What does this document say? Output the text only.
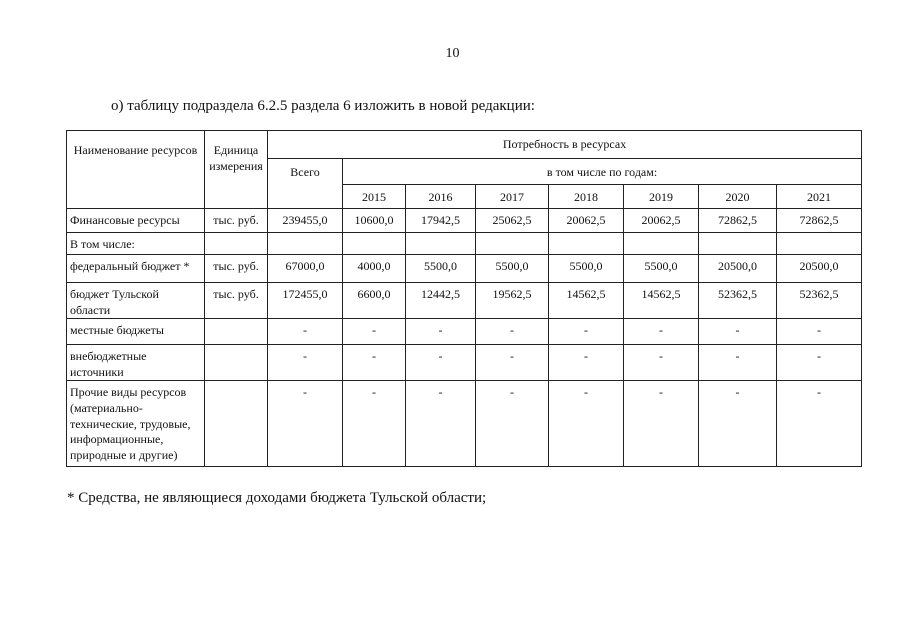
10
о) таблицу подраздела 6.2.5 раздела 6 изложить в новой редакции:
Наименование ресурсов	Единица измерения	Потребность в ресурсах							
		Всего	в том числе по годам:						
			2015	2016	2017	2018	2019	2020	2021
Финансовые ресурсы	тыс. руб.	239455,0	10600,0	17942,5	25062,5	20062,5	20062,5	72862,5	72862,5
В том числе:									
федеральный бюджет *	тыс. руб.	67000,0	4000,0	5500,0	5500,0	5500,0	5500,0	20500,0	20500,0
бюджет Тульской области	тыс. руб.	172455,0	6600,0	12442,5	19562,5	14562,5	14562,5	52362,5	52362,5
местные бюджеты		-	-	-	-	-	-	-	-
внебюджетные источники		-	-	-	-	-	-	-	-
Прочие виды ресурсов (материально-технические, трудовые, информационные, природные и другие)		-	-	-	-	-	-	-	-
* Средства, не являющиеся доходами бюджета Тульской области;
